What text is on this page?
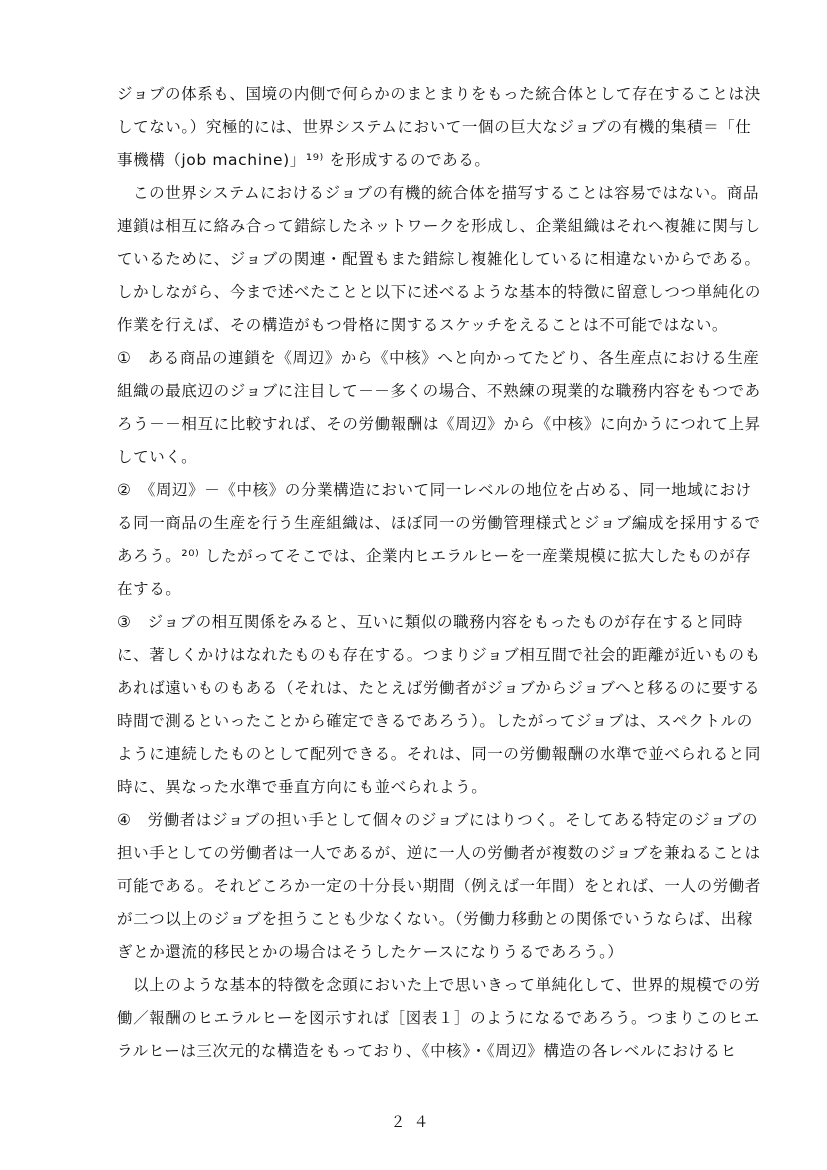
ジョブの体系も、国境の内側で何らかのまとまりをもった統合体として存在することは決
してない。）究極的には、世界システムにおいて一個の巨大なジョブの有機的集積＝「仕
事機構（job machine)」¹⁹⁾ を形成するのである。
この世界システムにおけるジョブの有機的統合体を描写することは容易ではない。商品
連鎖は相互に絡み合って錯綜したネットワークを形成し、企業組織はそれへ複雑に関与し
ているために、ジョブの関連・配置もまた錯綜し複雑化しているに相違ないからである。
しかしながら、今まで述べたことと以下に述べるような基本的特徴に留意しつつ単純化の
作業を行えば、その構造がもつ骨格に関するスケッチをえることは不可能ではない。
①　ある商品の連鎖を《周辺》から《中核》へと向かってたどり、各生産点における生産
組織の最底辺のジョブに注目して－－多くの場合、不熟練の現業的な職務内容をもつであ
ろう－－相互に比較すれば、その労働報酬は《周辺》から《中核》に向かうにつれて上昇
していく。
②　《周辺》－《中核》の分業構造において同一レベルの地位を占める、同一地域におけ
る同一商品の生産を行う生産組織は、ほぼ同一の労働管理様式とジョブ編成を採用するで
あろう。²⁰⁾ したがってそこでは、企業内ヒエラルヒーを一産業規模に拡大したものが存
在する。
③　ジョブの相互関係をみると、互いに類似の職務内容をもったものが存在すると同時
に、著しくかけはなれたものも存在する。つまりジョブ相互間で社会的距離が近いものも
あれば遠いものもある（それは、たとえば労働者がジョブからジョブへと移るのに要する
時間で測るといったことから確定できるであろう）。したがってジョブは、スペクトルの
ように連続したものとして配列できる。それは、同一の労働報酬の水準で並べられると同
時に、異なった水準で垂直方向にも並べられよう。
④　労働者はジョブの担い手として個々のジョブにはりつく。そしてある特定のジョブの
担い手としての労働者は一人であるが、逆に一人の労働者が複数のジョブを兼ねることは
可能である。それどころか一定の十分長い期間（例えば一年間）をとれば、一人の労働者
が二つ以上のジョブを担うことも少なくない。（労働力移動との関係でいうならば、出稼
ぎとか還流的移民とかの場合はそうしたケースになりうるであろう。）
以上のような基本的特徴を念頭においた上で思いきって単純化して、世界的規模での労
働／報酬のヒエラルヒーを図示すれば［図表１］のようになるであろう。つまりこのヒエ
ラルヒーは三次元的な構造をもっており、《中核》・《周辺》構造の各レベルにおけるヒ
２４
